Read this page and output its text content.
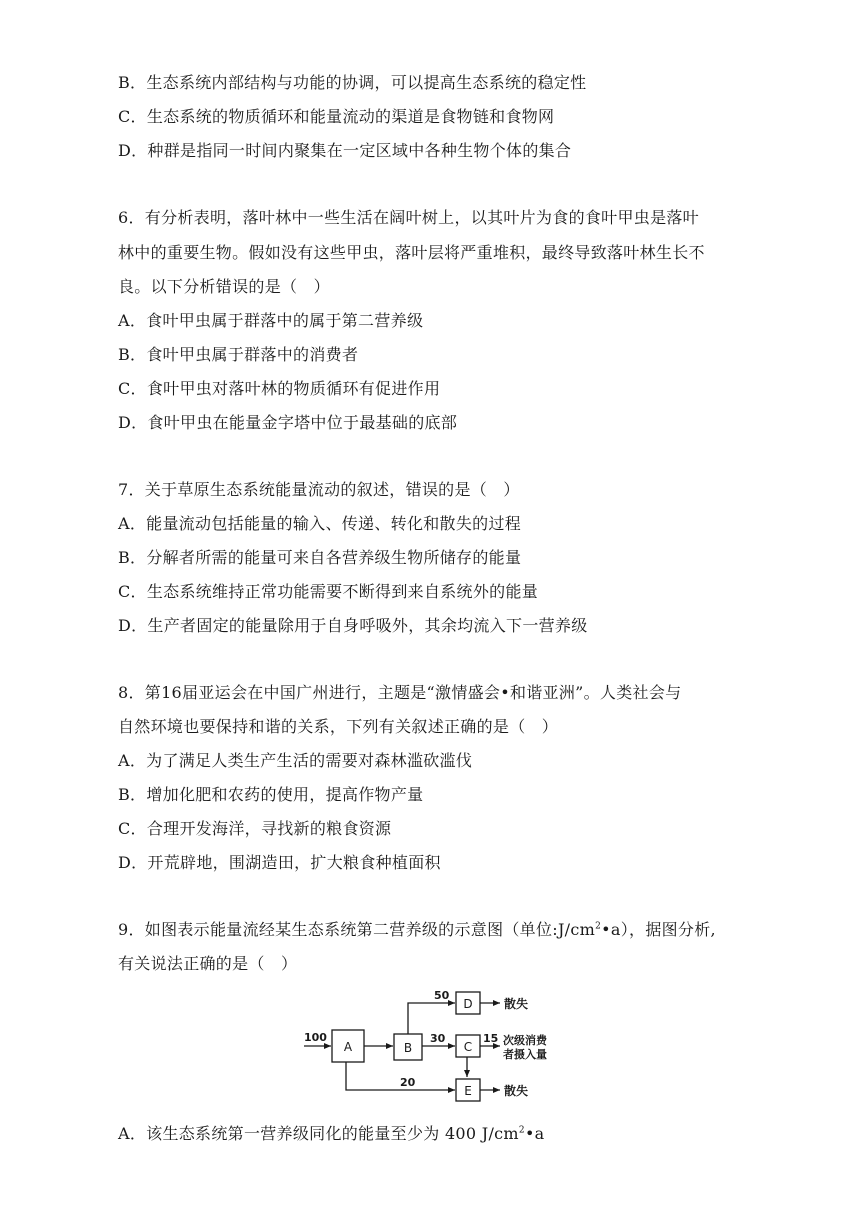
B．生态系统内部结构与功能的协调，可以提高生态系统的稳定性
C．生态系统的物质循环和能量流动的渠道是食物链和食物网
D．种群是指同一时间内聚集在一定区域中各种生物个体的集合
6．有分析表明，落叶林中一些生活在阔叶树上，以其叶片为食的食叶甲虫是落叶
林中的重要生物。假如没有这些甲虫，落叶层将严重堆积，最终导致落叶林生长不
良。以下分析错误的是（　）
A．食叶甲虫属于群落中的属于第二营养级
B．食叶甲虫属于群落中的消费者
C．食叶甲虫对落叶林的物质循环有促进作用
D．食叶甲虫在能量金字塔中位于最基础的底部
7．关于草原生态系统能量流动的叙述，错误的是（　）
A．能量流动包括能量的输入、传递、转化和散失的过程
B．分解者所需的能量可来自各营养级生物所储存的能量
C．生态系统维持正常功能需要不断得到来自系统外的能量
D．生产者固定的能量除用于自身呼吸外，其余均流入下一营养级
8．第16届亚运会在中国广州进行，主题是“激情盛会•和谐亚洲”。人类社会与
自然环境也要保持和谐的关系，下列有关叙述正确的是（　）
A．为了满足人类生产生活的需要对森林滥砍滥伐
B．增加化肥和农药的使用，提高作物产量
C．合理开发海洋，寻找新的粮食资源
D．开荒辟地，围湖造田，扩大粮食种植面积
9．如图表示能量流经某生态系统第二营养级的示意图（单位$:J/cm^2•a$），据图分析,
有关说法正确的是（　）
A	B
D
C
E
100
50
30	15
20
散失
次级消费
者摄入量
散失
A．该生态系统第一营养级同化的能量至少为 400 $J/cm^2•a$
